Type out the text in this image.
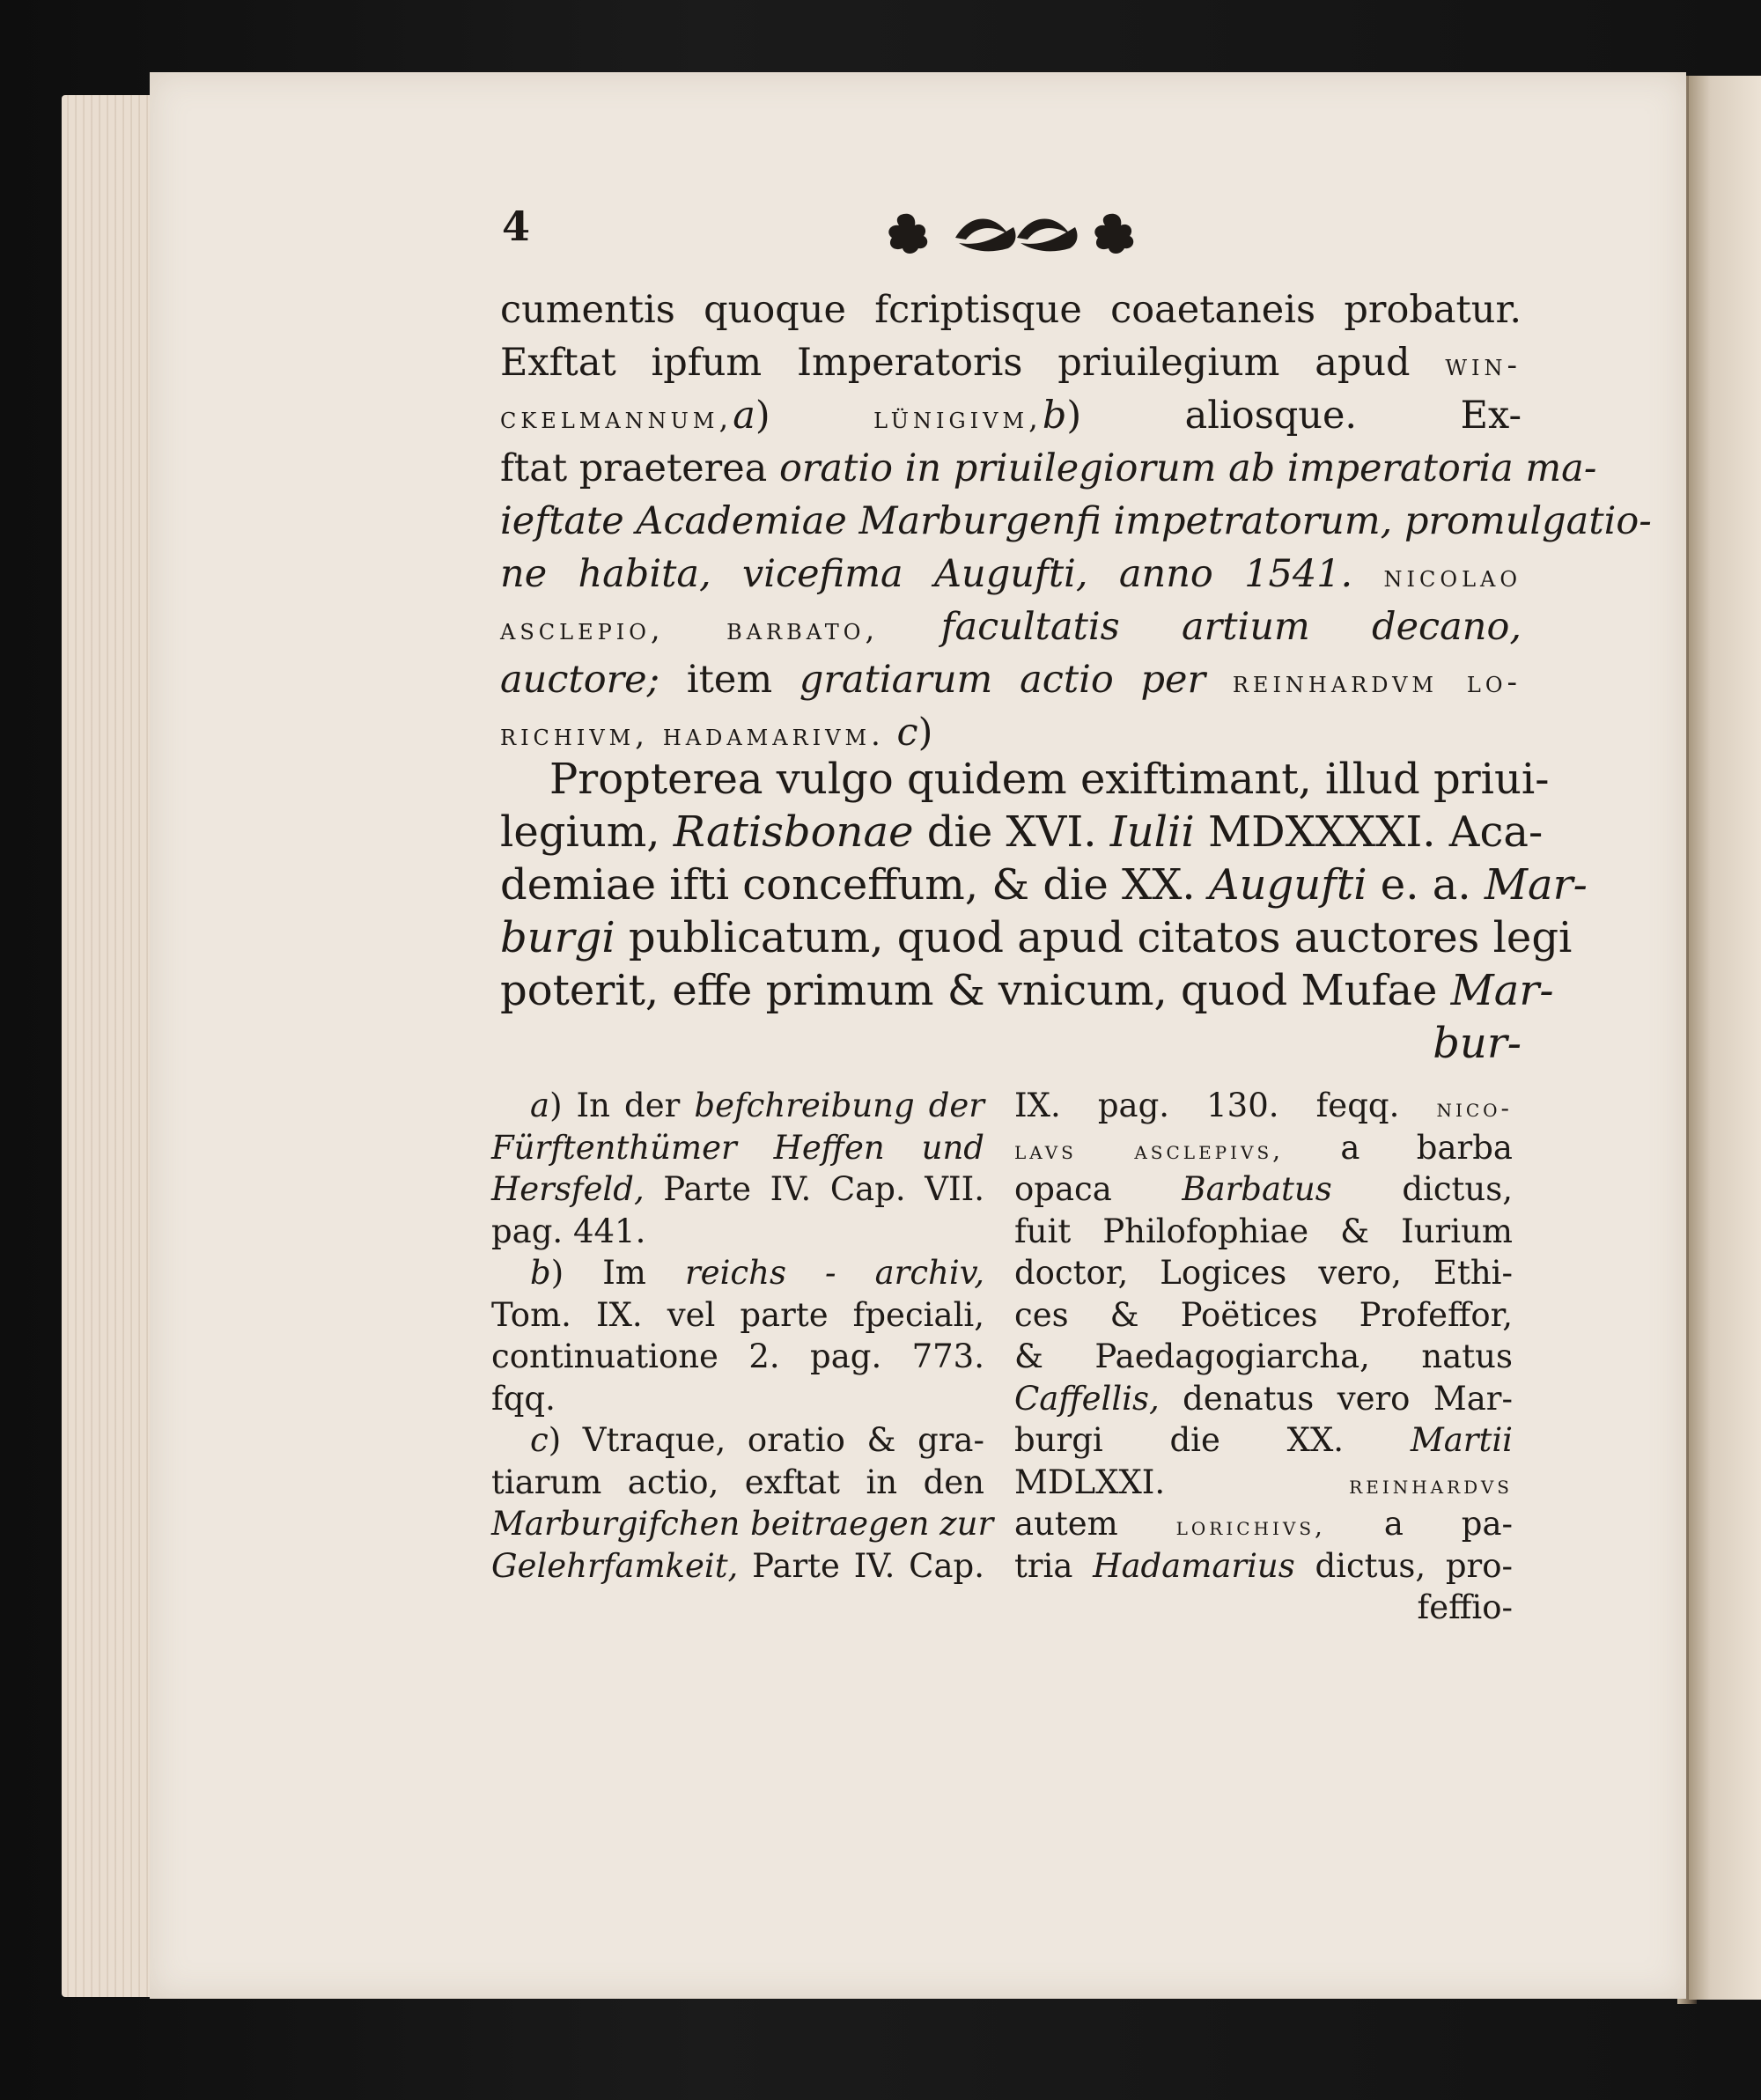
4
cumentis quoque fcriptisque coaetaneis probatur.
Exftat ipfum Imperatoris priuilegium apud win-
ckelmannum,a) lünigivm,b) aliosque. Ex-
ftat praeterea oratio in priuilegiorum ab imperatoria ma-
ieftate Academiae Marburgenfi impetratorum, promulgatio-
ne habita, vicefima Augufti, anno 1541. nicolao
asclepio, barbato, facultatis artium decano,
auctore; item gratiarum actio per reinhardvm lo-
richivm, hadamarivm. c)
Propterea vulgo quidem exiftimant, illud priui-
legium, Ratisbonae die XVI. Iulii MDXXXXI. Aca-
demiae ifti conceffum, & die XX. Augufti e. a. Mar-
burgi publicatum, quod apud citatos auctores legi
poterit, effe primum & vnicum, quod Mufae Mar-
bur-
a) In der befchreibung der
Fürftenthümer Heffen und
Hersfeld, Parte IV. Cap. VII.
pag. 441.
b) Im reichs - archiv,
Tom. IX. vel parte fpeciali,
continuatione 2. pag. 773.
fqq.
c) Vtraque, oratio & gra-
tiarum actio, exftat in den
Marburgifchen beitraegen zur
Gelehrfamkeit, Parte IV. Cap.
IX. pag. 130. feqq. nico-
lavs asclepivs, a barba
opaca Barbatus dictus,
fuit Philofophiae & Iurium
doctor, Logices vero, Ethi-
ces & Poëtices Profeffor,
& Paedagogiarcha, natus
Caffellis, denatus vero Mar-
burgi die XX. Martii
MDLXXI. reinhardvs
autem lorichivs, a pa-
tria Hadamarius dictus, pro-
feffio-
